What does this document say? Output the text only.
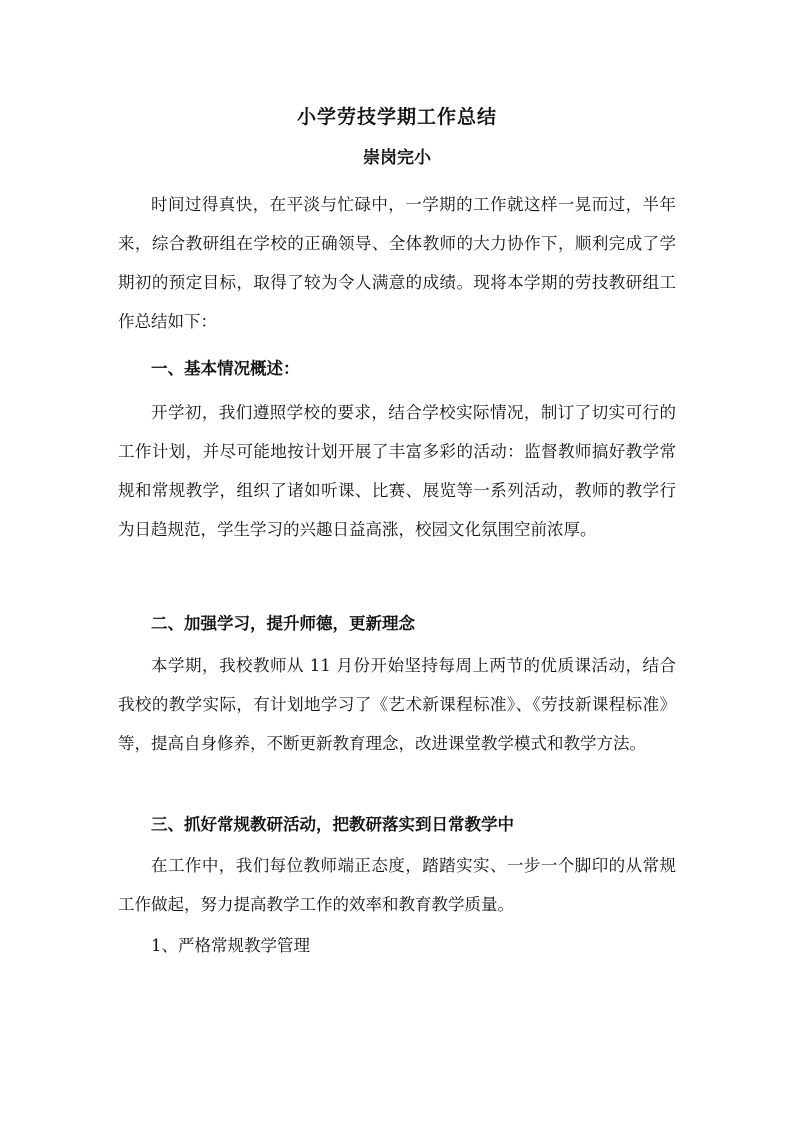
小学劳技学期工作总结
崇岗完小

时间过得真快，在平淡与忙碌中，一学期的工作就这样一晃而过，半年来，综合教研组在学校的正确领导、全体教师的大力协作下，顺利完成了学期初的预定目标，取得了较为令人满意的成绩。现将本学期的劳技教研组工作总结如下：

一、基本情况概述：

开学初，我们遵照学校的要求，结合学校实际情况，制订了切实可行的工作计划，并尽可能地按计划开展了丰富多彩的活动：监督教师搞好教学常规和常规教学，组织了诸如听课、比赛、展览等一系列活动，教师的教学行为日趋规范，学生学习的兴趣日益高涨，校园文化氛围空前浓厚。

二、加强学习，提升师德，更新理念

本学期，我校教师从 11 月份开始坚持每周上两节的优质课活动，结合我校的教学实际，有计划地学习了《艺术新课程标准》、《劳技新课程标准》等，提高自身修养，不断更新教育理念，改进课堂教学模式和教学方法。

三、抓好常规教研活动，把教研落实到日常教学中

在工作中，我们每位教师端正态度，踏踏实实、一步一个脚印的从常规工作做起，努力提高教学工作的效率和教育教学质量。

1、严格常规教学管理
